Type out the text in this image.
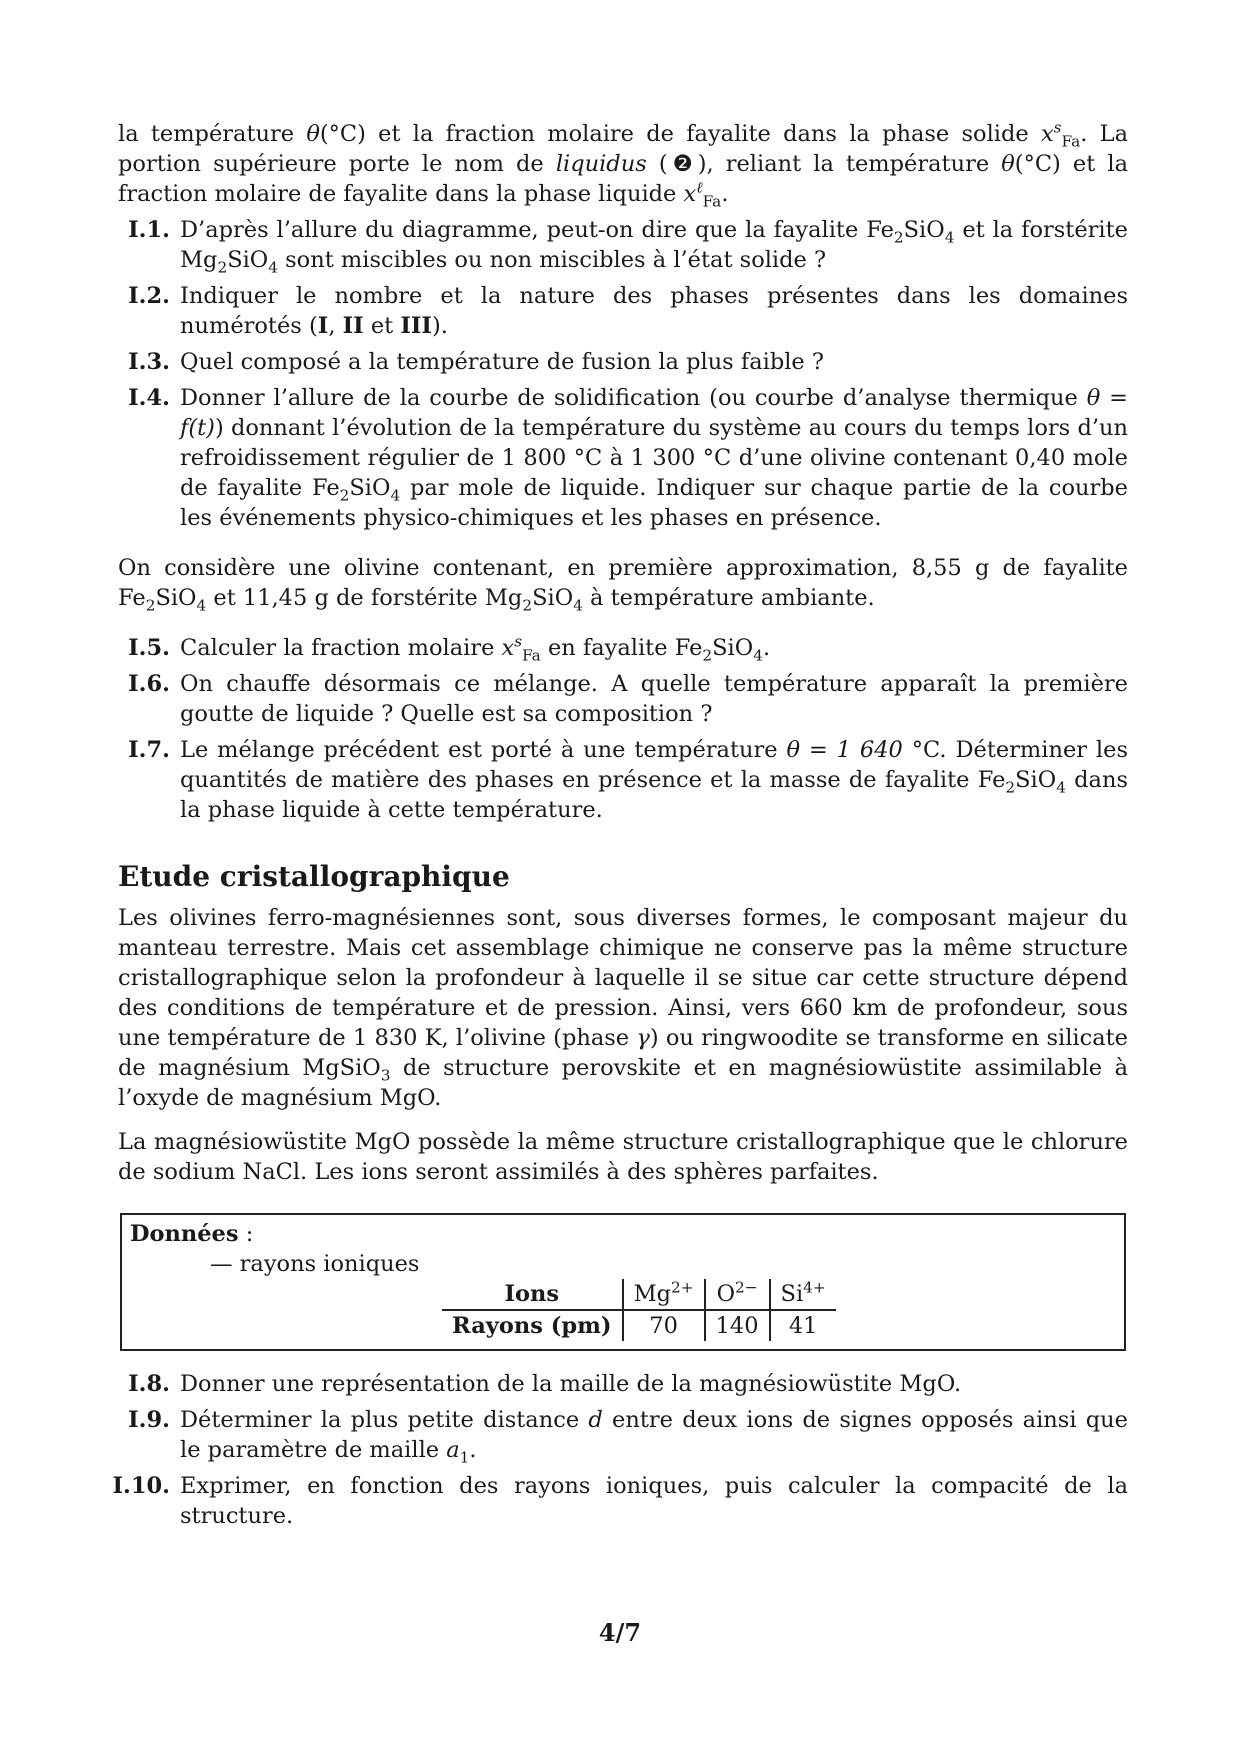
la température θ(°C) et la fraction molaire de fayalite dans la phase solide $x^s_{Fa}$. La portion supérieure porte le nom de liquidus (❷), reliant la température θ(°C) et la fraction molaire de fayalite dans la phase liquide $x^\ell_{Fa}$.

I.1. D’après l’allure du diagramme, peut-on dire que la fayalite $Fe_2SiO_4$ et la forstérite $Mg_2SiO_4$ sont miscibles ou non miscibles à l’état solide ?
I.2. Indiquer le nombre et la nature des phases présentes dans les domaines numérotés (I, II et III).
I.3. Quel composé a la température de fusion la plus faible ?
I.4. Donner l’allure de la courbe de solidification (ou courbe d’analyse thermique θ = f(t)) donnant l’évolution de la température du système au cours du temps lors d’un refroidissement régulier de 1 800 °C à 1 300 °C d’une olivine contenant 0,40 mole de fayalite $Fe_2SiO_4$ par mole de liquide. Indiquer sur chaque partie de la courbe les événements physico-chimiques et les phases en présence.

On considère une olivine contenant, en première approximation, 8,55 g de fayalite $Fe_2SiO_4$ et 11,45 g de forstérite $Mg_2SiO_4$ à température ambiante.

I.5. Calculer la fraction molaire $x^s_{Fa}$ en fayalite $Fe_2SiO_4$.
I.6. On chauffe désormais ce mélange. A quelle température apparaît la première goutte de liquide ? Quelle est sa composition ?
I.7. Le mélange précédent est porté à une température θ = 1 640 °C. Déterminer les quantités de matière des phases en présence et la masse de fayalite $Fe_2SiO_4$ dans la phase liquide à cette température.
Etude cristallographique

Les olivines ferro-magnésiennes sont, sous diverses formes, le composant majeur du manteau terrestre. Mais cet assemblage chimique ne conserve pas la même structure cristallographique selon la profondeur à laquelle il se situe car cette structure dépend des conditions de température et de pression. Ainsi, vers 660 km de profondeur, sous une température de 1 830 K, l’olivine (phase γ) ou ringwoodite se transforme en silicate de magnésium MgSiO$_3$ de structure perovskite et en magnésiowüstite assimilable à l’oxyde de magnésium MgO.

La magnésiowüstite MgO possède la même structure cristallographique que le chlorure de sodium NaCl. Les ions seront assimilés à des sphères parfaites.

Données :
— rayons ioniques
Ions	$Mg^{2+}$	$O^{2-}$	$Si^{4+}$
Rayons (pm)	70	140	41
I.8. Donner une représentation de la maille de la magnésiowüstite MgO.
I.9. Déterminer la plus petite distance d entre deux ions de signes opposés ainsi que le paramètre de maille $a_1$.
I.10. Exprimer, en fonction des rayons ioniques, puis calculer la compacité de la structure.
4/7
